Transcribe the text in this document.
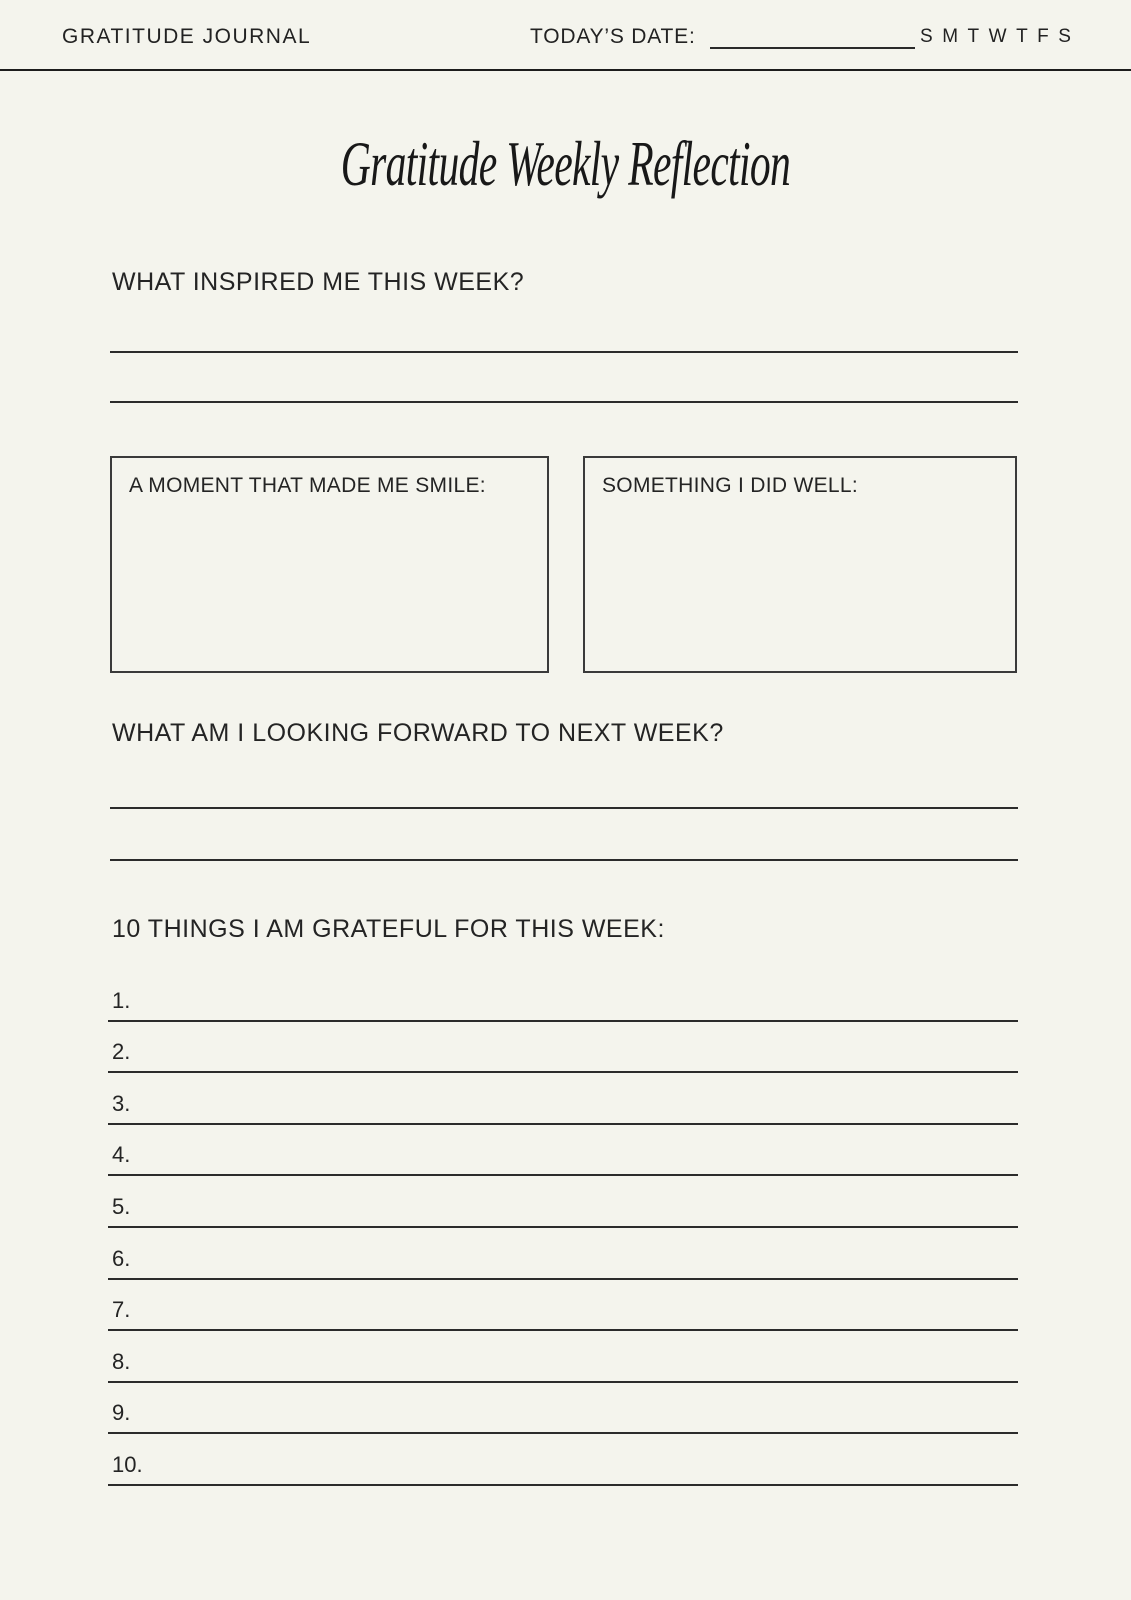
GRATITUDE JOURNAL	TODAY’S DATE:	S M T W T F S
Gratitude Weekly Reflection
WHAT INSPIRED ME THIS WEEK?
A MOMENT THAT MADE ME SMILE:	SOMETHING I DID WELL:
WHAT AM I LOOKING FORWARD TO NEXT WEEK?
10 THINGS I AM GRATEFUL FOR THIS WEEK:
1.
2.
3.
4.
5.
6.
7.
8.
9.
10.
